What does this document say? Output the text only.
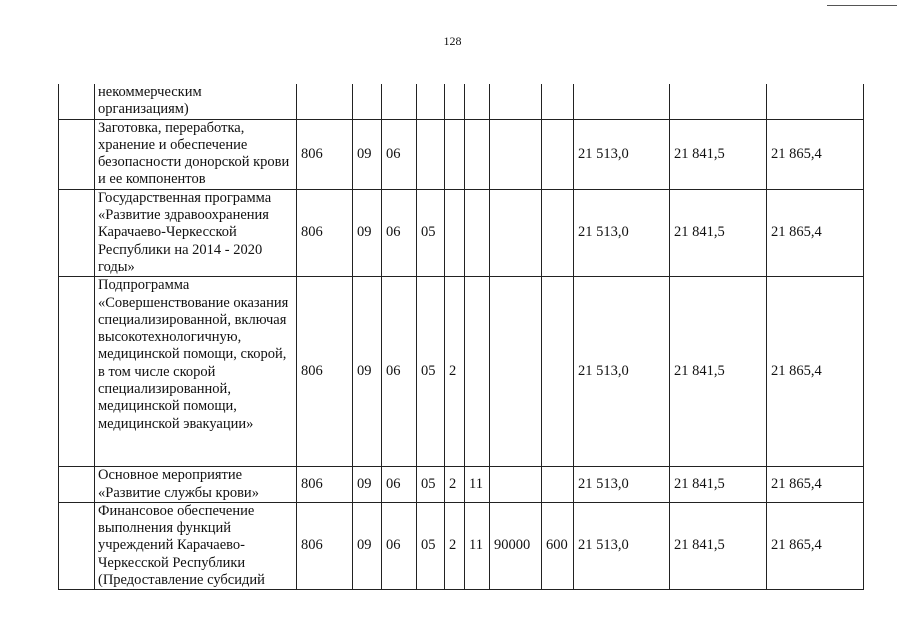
128
	некоммерческим организациям)											
	Заготовка, переработка, хранение и обеспечение безопасности донорской крови и ее компонентов	806	09	06						21 513,0	21 841,5	21 865,4
	Государственная программа «Развитие здравоохранения Карачаево-Черкесской Республики на 2014 - 2020 годы»	806	09	06	05					21 513,0	21 841,5	21 865,4
	Подпрограмма «Совершенствование оказания специализированной, включая высокотехнологичную, медицинской помощи, скорой, в том числе скорой специализированной, медицинской помощи, медицинской эвакуации»	806	09	06	05	2				21 513,0	21 841,5	21 865,4
	Основное мероприятие «Развитие службы крови»	806	09	06	05	2	11			21 513,0	21 841,5	21 865,4
	Финансовое обеспечение выполнения функций учреждений Карачаево-Черкесской Республики (Предоставление субсидий	806	09	06	05	2	11	90000	600	21 513,0	21 841,5	21 865,4
